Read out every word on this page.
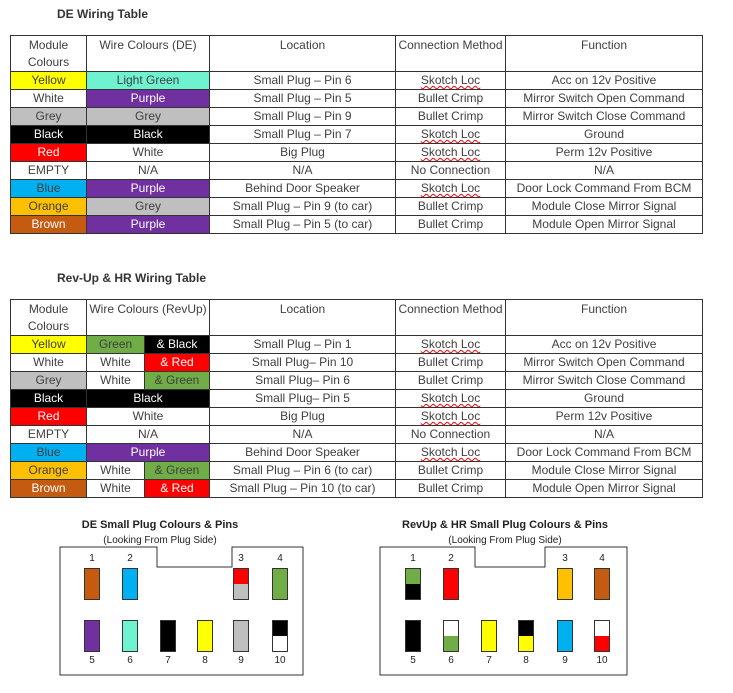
DE Wiring Table
Module Colours	Wire Colours (DE)	Location	Connection Method	Function
Yellow	Light Green	Small Plug – Pin 6	Skotch Loc	Acc on 12v Positive
White	Purple	Small Plug – Pin 5	Bullet Crimp	Mirror Switch Open Command
Grey	Grey	Small Plug – Pin 9	Bullet Crimp	Mirror Switch Close Command
Black	Black	Small Plug – Pin 7	Skotch Loc	Ground
Red	White	Big Plug	Skotch Loc	Perm 12v Positive
EMPTY	N/A	N/A	No Connection	N/A
Blue	Purple	Behind Door Speaker	Skotch Loc	Door Lock Command From BCM
Orange	Grey	Small Plug – Pin 9 (to car)	Bullet Crimp	Module Close Mirror Signal
Brown	Purple	Small Plug – Pin 5 (to car)	Bullet Crimp	Module Open Mirror Signal
Rev-Up & HR Wiring Table
Module Colours	Wire Colours (RevUp)		Location	Connection Method	Function
Yellow	Green	& Black	Small Plug – Pin 1	Skotch Loc	Acc on 12v Positive
White	White	& Red	Small Plug– Pin 10	Bullet Crimp	Mirror Switch Open Command
Grey	White	& Green	Small Plug– Pin 6	Bullet Crimp	Mirror Switch Close Command
Black	Black		Small Plug– Pin 5	Skotch Loc	Ground
Red	White		Big Plug	Skotch Loc	Perm 12v Positive
EMPTY	N/A		N/A	No Connection	N/A
Blue	Purple		Behind Door Speaker	Skotch Loc	Door Lock Command From BCM
Orange	White	& Green	Small Plug – Pin 6 (to car)	Bullet Crimp	Module Close Mirror Signal
Brown	White	& Red	Small Plug – Pin 10 (to car)	Bullet Crimp	Module Open Mirror Signal
DE Small Plug Colours & Pins
(Looking From Plug Side)
RevUp & HR Small Plug Colours & Pins
(Looking From Plug Side)
1	2	3	4
5	6	7	8	9	10
1	2	3	4
5	6	7	8	9	10
